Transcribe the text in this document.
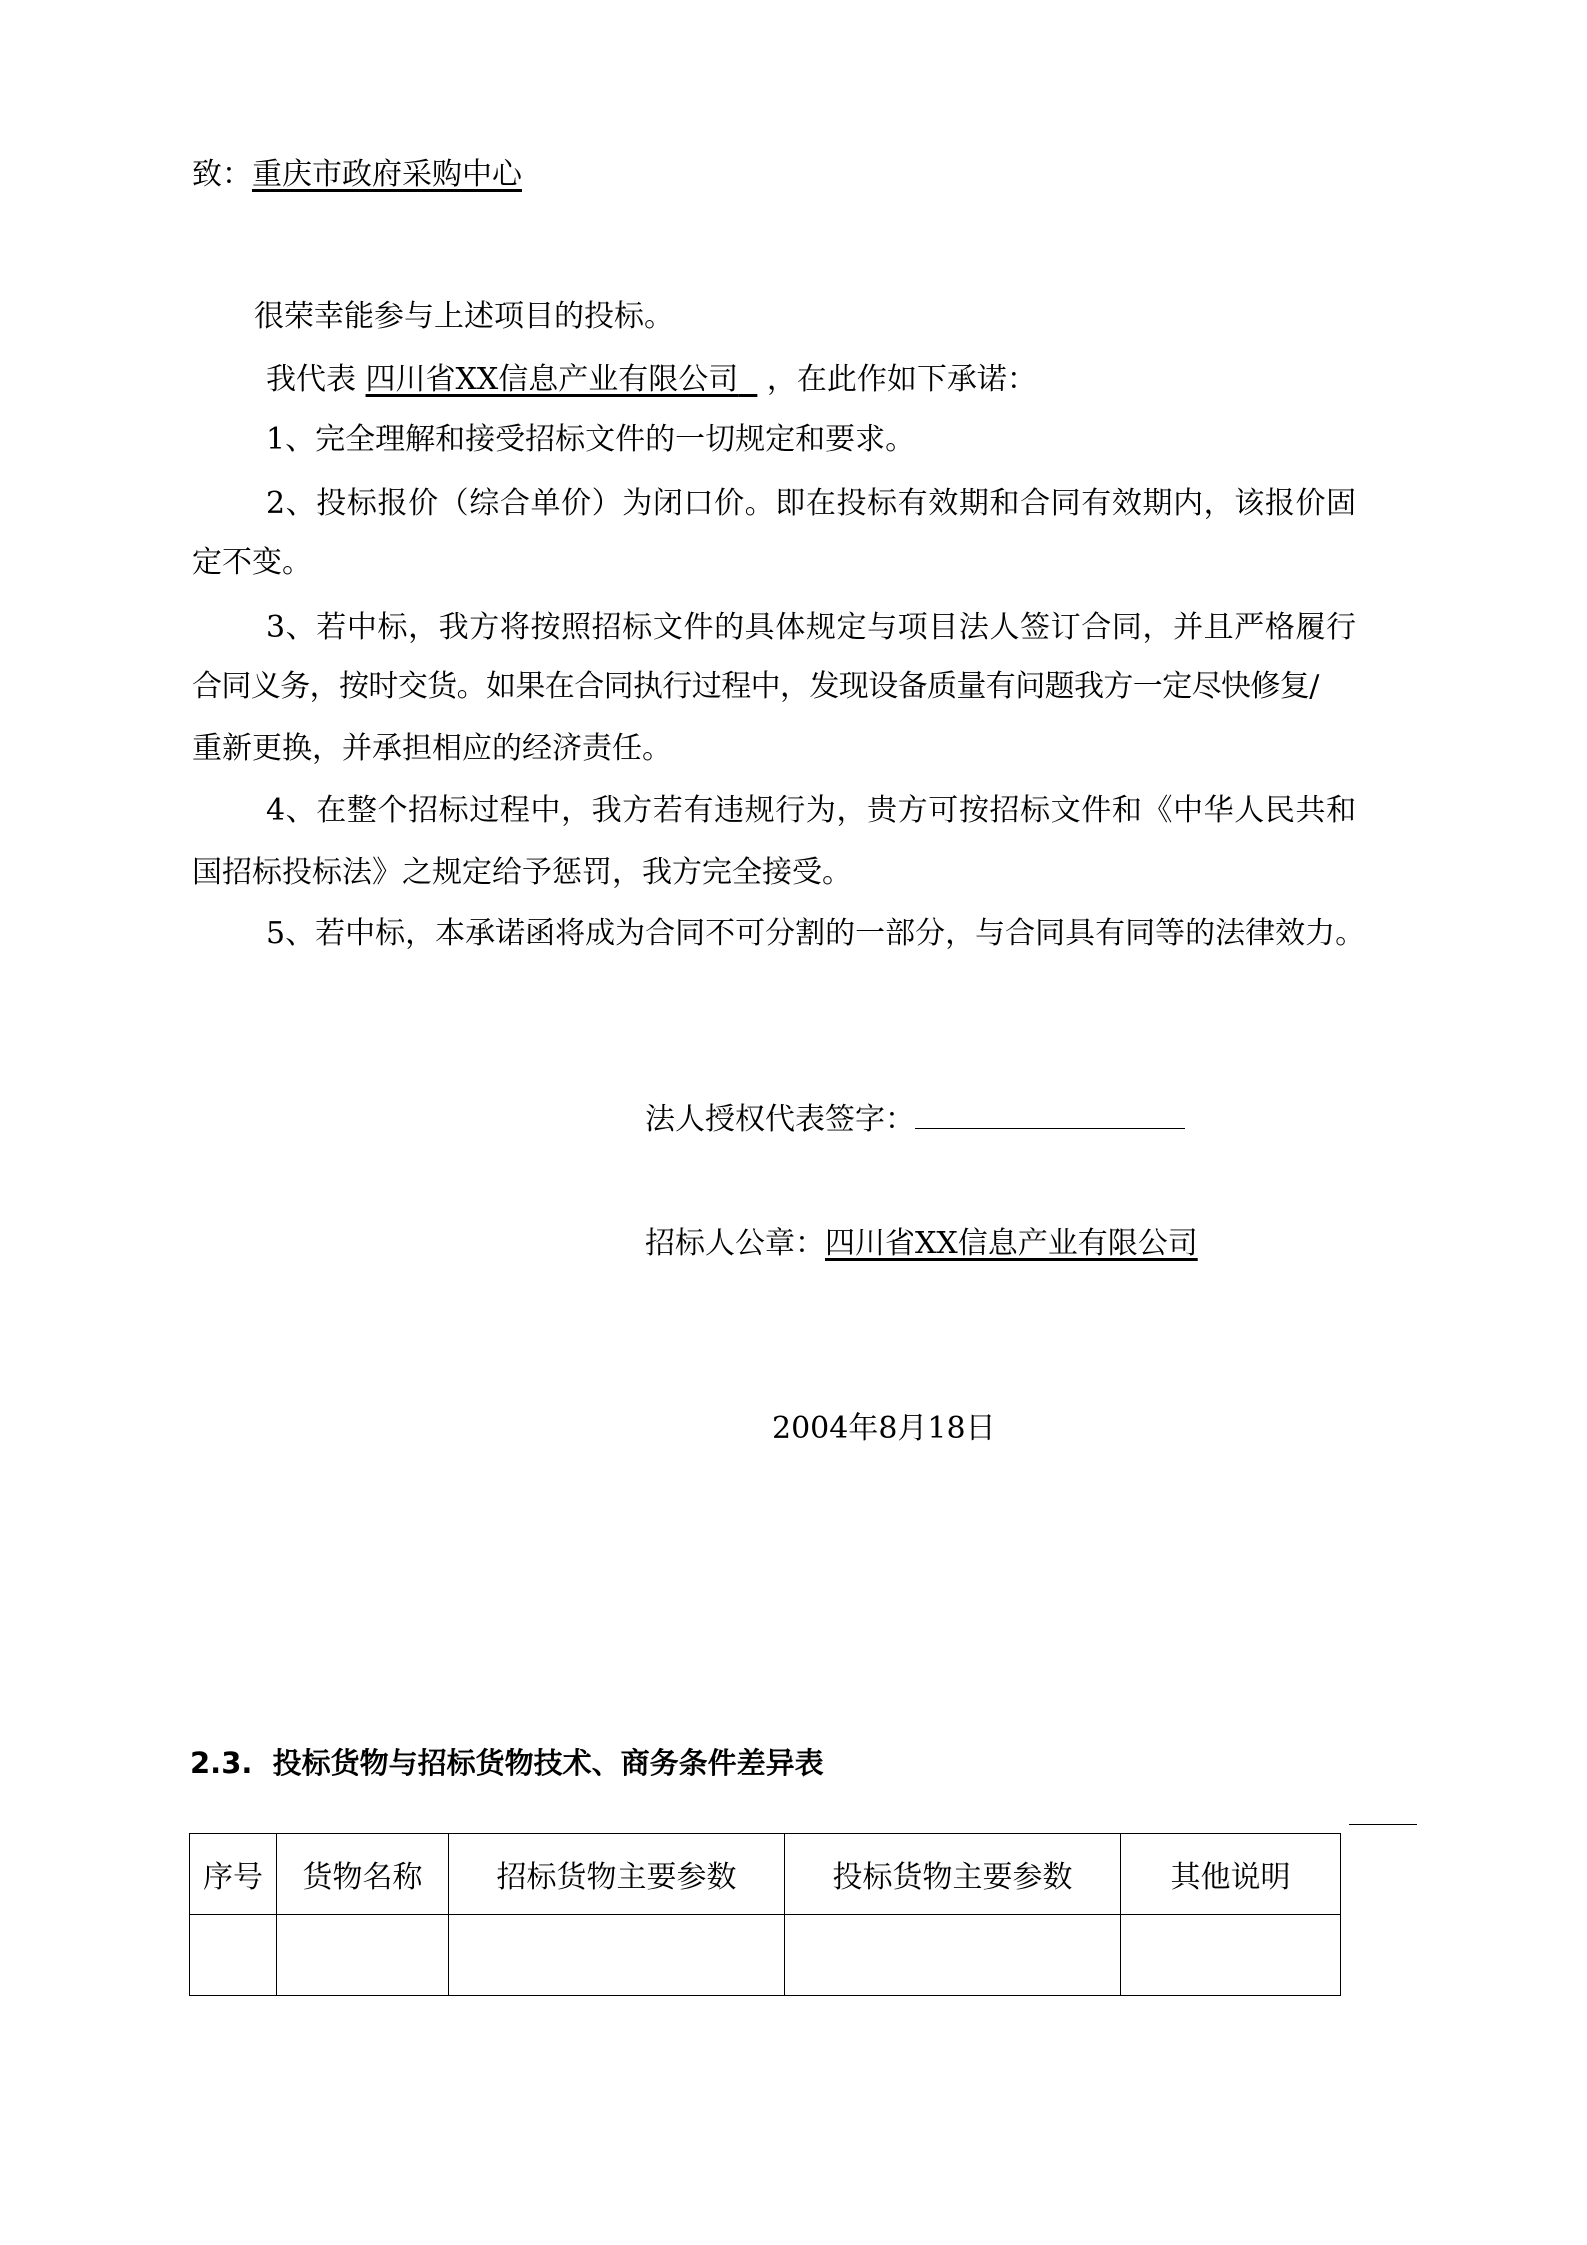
致：重庆市政府采购中心
很荣幸能参与上述项目的投标。
我代表 四川省XX信息产业有限公司 ，在此作如下承诺：
1、完全理解和接受招标文件的一切规定和要求。
2、投标报价（综合单价）为闭口价。即在投标有效期和合同有效期内，该报价固
定不变。
3、若中标，我方将按照招标文件的具体规定与项目法人签订合同，并且严格履行
合同义务，按时交货。如果在合同执行过程中，发现设备质量有问题我方一定尽快修复/
重新更换，并承担相应的经济责任。
4、在整个招标过程中，我方若有违规行为，贵方可按招标文件和《中华人民共和
国招标投标法》之规定给予惩罚，我方完全接受。
5、若中标，本承诺函将成为合同不可分割的一部分，与合同具有同等的法律效力。
法人授权代表签字：
招标人公章：四川省XX信息产业有限公司
2004年8月18日
2.3.  投标货物与招标货物技术、商务条件差异表
序号	货物名称	招标货物主要参数	投标货物主要参数	其他说明
